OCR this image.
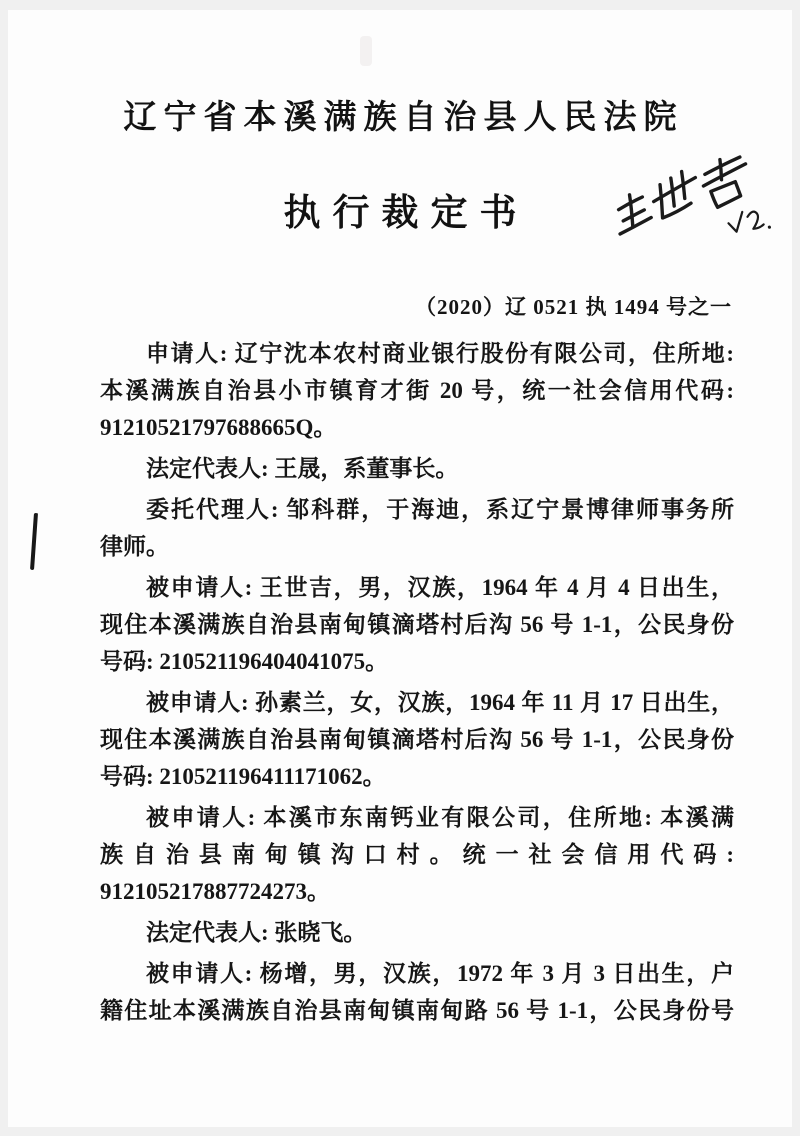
辽宁省本溪满族自治县人民法院
执行裁定书
（2020）辽 0521 执 1494 号之一
申请人: 辽宁沈本农村商业银行股份有限公司，住所地:
本溪满族自治县小市镇育才街 20 号，统一社会信用代码:
91210521797688665Q。
法定代表人: 王晟，系董事长。
委托代理人: 邹科群，于海迪，系辽宁景博律师事务所
律师。
被申请人: 王世吉，男，汉族，1964 年 4 月 4 日出生，
现住本溪满族自治县南甸镇滴塔村后沟 56 号 1-1，公民身份
号码: 210521196404041075。
被申请人: 孙素兰，女，汉族，1964 年 11 月 17 日出生，
现住本溪满族自治县南甸镇滴塔村后沟 56 号 1-1，公民身份
号码: 210521196411171062。
被申请人: 本溪市东南钙业有限公司，住所地: 本溪满
族自治县南甸镇沟口村。统一社会信用代码:
912105217887724273。
法定代表人: 张晓飞。
被申请人: 杨增，男，汉族，1972 年 3 月 3 日出生，户
籍住址本溪满族自治县南甸镇南甸路 56 号 1-1，公民身份号
